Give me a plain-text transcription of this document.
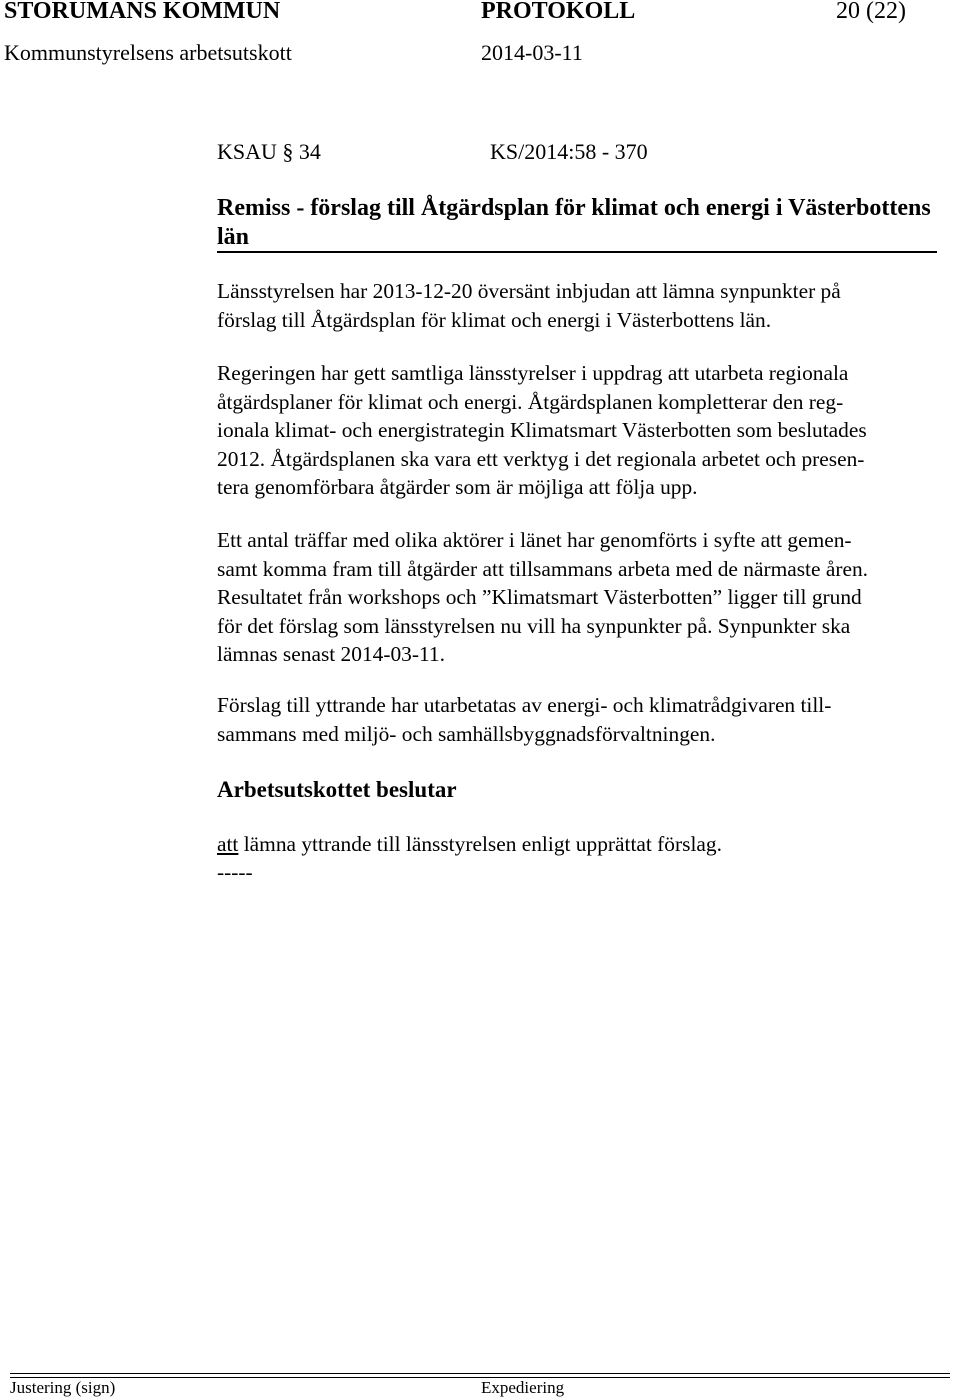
STORUMANS KOMMUN	PROTOKOLL	20 (22)
Kommunstyrelsens arbetsutskott	2014-03-11
KSAU § 34	KS/2014:58 - 370
Remiss - förslag till Åtgärdsplan för klimat och energi i Västerbottens
län
Länsstyrelsen har 2013-12-20 översänt inbjudan att lämna synpunkter på
förslag till Åtgärdsplan för klimat och energi i Västerbottens län.
Regeringen har gett samtliga länsstyrelser i uppdrag att utarbeta regionala
åtgärdsplaner för klimat och energi. Åtgärdsplanen kompletterar den reg-
ionala klimat- och energistrategin Klimatsmart Västerbotten som beslutades
2012. Åtgärdsplanen ska vara ett verktyg i det regionala arbetet och presen-
tera genomförbara åtgärder som är möjliga att följa upp.
Ett antal träffar med olika aktörer i länet har genomförts i syfte att gemen-
samt komma fram till åtgärder att tillsammans arbeta med de närmaste åren.
Resultatet från workshops och ”Klimatsmart Västerbotten” ligger till grund
för det förslag som länsstyrelsen nu vill ha synpunkter på. Synpunkter ska
lämnas senast 2014-03-11.
Förslag till yttrande har utarbetatas av energi- och klimatrådgivaren till-
sammans med miljö- och samhällsbyggnadsförvaltningen.
Arbetsutskottet beslutar
att lämna yttrande till länsstyrelsen enligt upprättat förslag.
-----
Justering (sign)	Expediering
